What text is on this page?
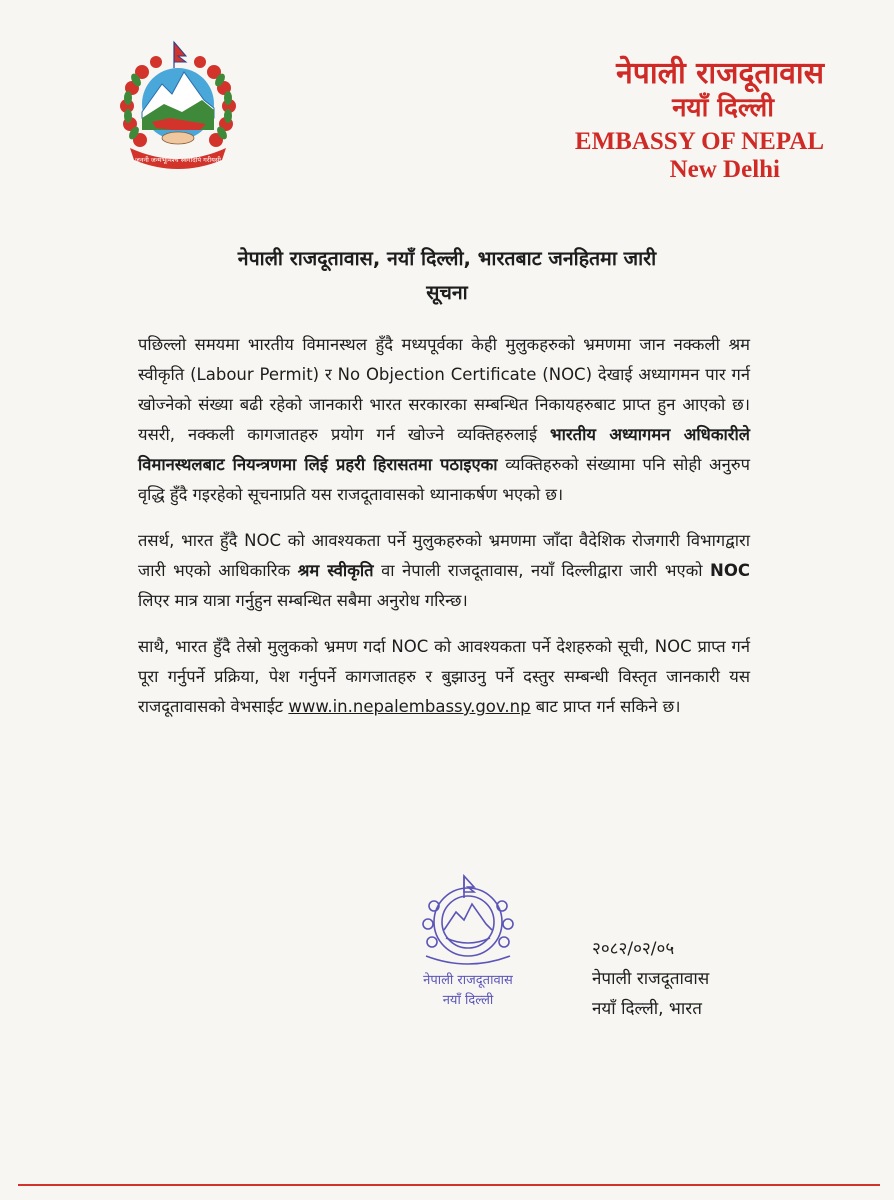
जननी जन्मभूमिश्च स्वर्गादपि गरीयसी
नेपाली राजदूतावास
नयाँ दिल्ली
EMBASSY OF NEPAL
New Delhi
नेपाली राजदूतावास, नयाँ दिल्ली, भारतबाट जनहितमा जारी
सूचना

पछिल्लो समयमा भारतीय विमानस्थल हुँदै मध्यपूर्वका केही मुलुकहरुको भ्रमणमा जान नक्कली श्रम स्वीकृति (Labour Permit) र No Objection Certificate (NOC) देखाई अध्यागमन पार गर्न खोज्नेको संख्या बढी रहेको जानकारी भारत सरकारका सम्बन्धित निकायहरुबाट प्राप्त हुन आएको छ। यसरी, नक्कली कागजातहरु प्रयोग गर्न खोज्ने व्यक्तिहरुलाई भारतीय अध्यागमन अधिकारीले विमानस्थलबाट नियन्त्रणमा लिई प्रहरी हिरासतमा पठाइएका व्यक्तिहरुको संख्यामा पनि सोही अनुरुप वृद्धि हुँदै गइरहेको सूचनाप्रति यस राजदूतावासको ध्यानाकर्षण भएको छ।

तसर्थ, भारत हुँदै NOC को आवश्यकता पर्ने मुलुकहरुको भ्रमणमा जाँदा वैदेशिक रोजगारी विभागद्वारा जारी भएको आधिकारिक श्रम स्वीकृति वा नेपाली राजदूतावास, नयाँ दिल्लीद्वारा जारी भएको NOC लिएर मात्र यात्रा गर्नुहुन सम्बन्धित सबैमा अनुरोध गरिन्छ।

साथै, भारत हुँदै तेस्रो मुलुकको भ्रमण गर्दा NOC को आवश्यकता पर्ने देशहरुको सूची, NOC प्राप्त गर्न पूरा गर्नुपर्ने प्रक्रिया, पेश गर्नुपर्ने कागजातहरु र बुझाउनु पर्ने दस्तुर सम्बन्धी विस्तृत जानकारी यस राजदूतावासको वेभसाईट www.in.nepalembassy.gov.np बाट प्राप्त गर्न सकिने छ।

नेपाली राजदूतावास
नयाँ दिल्ली
२०८२/०२/०५
नेपाली राजदूतावास
नयाँ दिल्ली, भारत
